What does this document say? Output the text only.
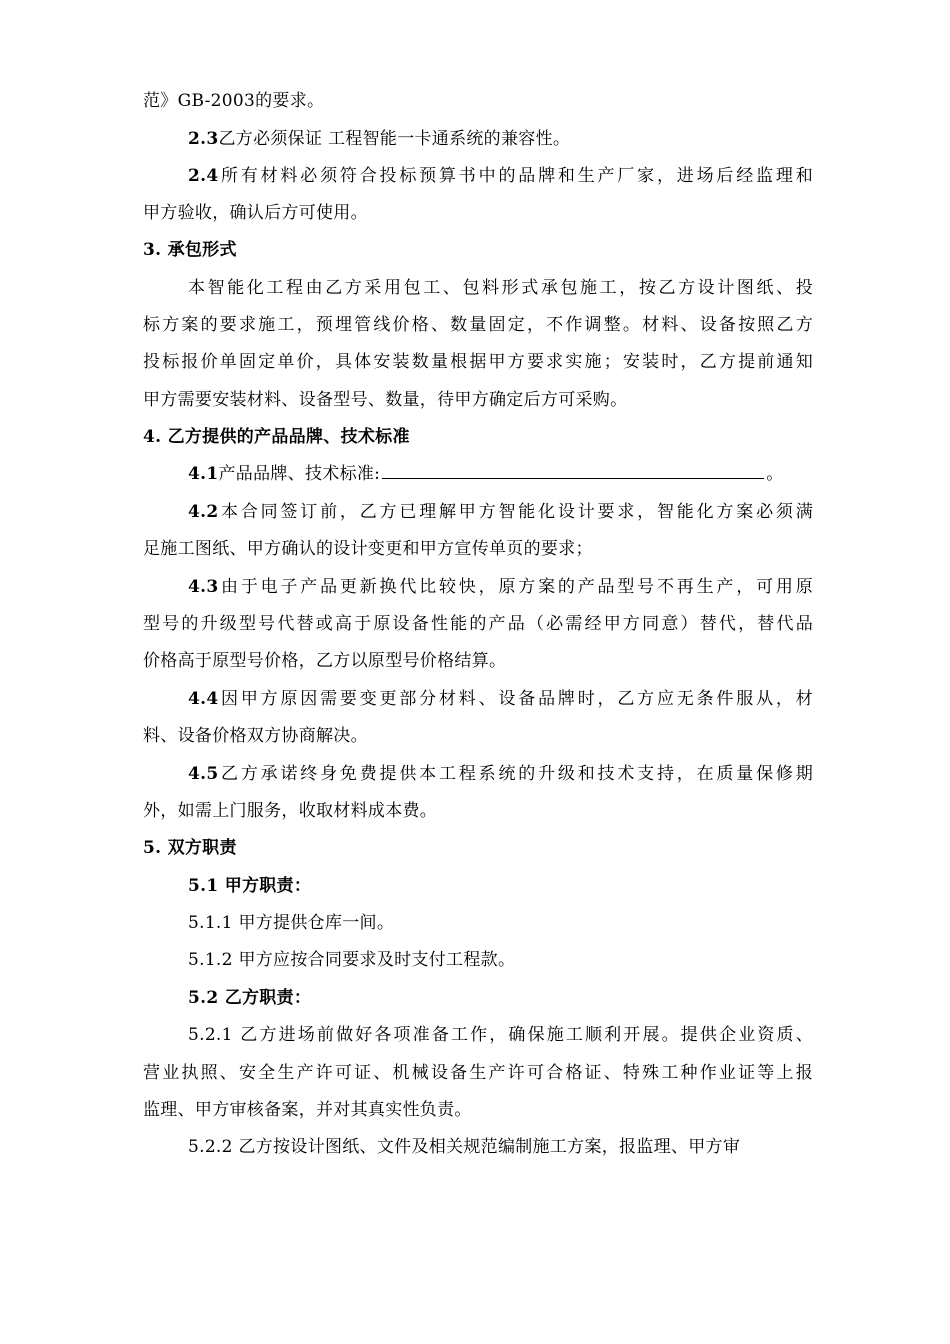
范》GB-2003的要求。
2.3乙方必须保证 工程智能一卡通系统的兼容性。
2.4所有材料必须符合投标预算书中的品牌和生产厂家，进场后经监理和
甲方验收，确认后方可使用。
3. 承包形式
本智能化工程由乙方采用包工、包料形式承包施工，按乙方设计图纸、投
标方案的要求施工，预埋管线价格、数量固定，不作调整。材料、设备按照乙方
投标报价单固定单价，具体安装数量根据甲方要求实施；安装时，乙方提前通知
甲方需要安装材料、设备型号、数量，待甲方确定后方可采购。
4. 乙方提供的产品品牌、技术标准
4.1产品品牌、技术标准:	。
4.2本合同签订前，乙方已理解甲方智能化设计要求，智能化方案必须满
足施工图纸、甲方确认的设计变更和甲方宣传单页的要求；
4.3由于电子产品更新换代比较快，原方案的产品型号不再生产，可用原
型号的升级型号代替或高于原设备性能的产品（必需经甲方同意）替代，替代品
价格高于原型号价格，乙方以原型号价格结算。
4.4因甲方原因需要变更部分材料、设备品牌时，乙方应无条件服从，材
料、设备价格双方协商解决。
4.5乙方承诺终身免费提供本工程系统的升级和技术支持，在质量保修期
外，如需上门服务，收取材料成本费。
5. 双方职责
5.1 甲方职责：
5.1.1 甲方提供仓库一间。
5.1.2 甲方应按合同要求及时支付工程款。
5.2 乙方职责：
5.2.1 乙方进场前做好各项准备工作，确保施工顺利开展。提供企业资质、
营业执照、安全生产许可证、机械设备生产许可合格证、特殊工种作业证等上报
监理、甲方审核备案，并对其真实性负责。
5.2.2 乙方按设计图纸、文件及相关规范编制施工方案，报监理、甲方审
